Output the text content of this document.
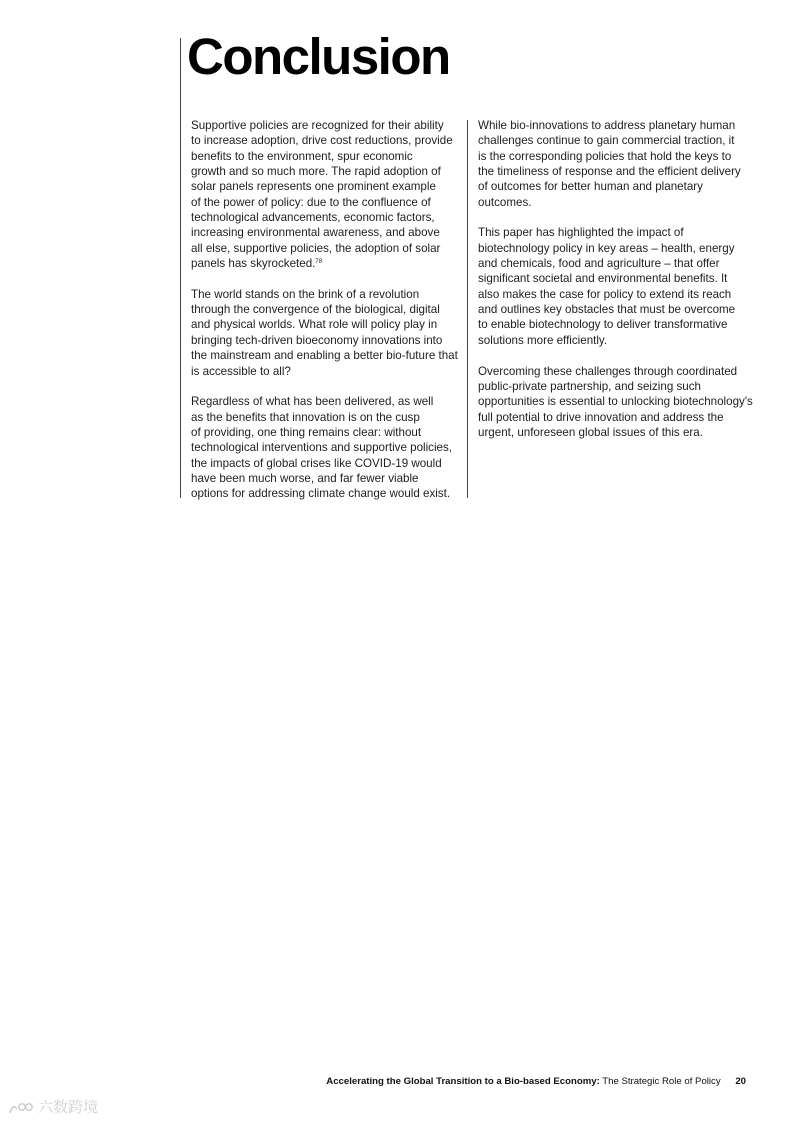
Conclusion

Supportive policies are recognized for their ability
to increase adoption, drive cost reductions, provide
benefits to the environment, spur economic
growth and so much more. The rapid adoption of
solar panels represents one prominent example
of the power of policy: due to the confluence of
technological advancements, economic factors,
increasing environmental awareness, and above
all else, supportive policies, the adoption of solar
panels has skyrocketed.$^{78}$

The world stands on the brink of a revolution
through the convergence of the biological, digital
and physical worlds. What role will policy play in
bringing tech-driven bioeconomy innovations into
the mainstream and enabling a better bio-future that
is accessible to all?

Regardless of what has been delivered, as well
as the benefits that innovation is on the cusp
of providing, one thing remains clear: without
technological interventions and supportive policies,
the impacts of global crises like COVID-19 would
have been much worse, and far fewer viable
options for addressing climate change would exist.

While bio-innovations to address planetary human
challenges continue to gain commercial traction, it
is the corresponding policies that hold the keys to
the timeliness of response and the efficient delivery
of outcomes for better human and planetary
outcomes.

This paper has highlighted the impact of
biotechnology policy in key areas – health, energy
and chemicals, food and agriculture – that offer
significant societal and environmental benefits. It
also makes the case for policy to extend its reach
and outlines key obstacles that must be overcome
to enable biotechnology to deliver transformative
solutions more efficiently.

Overcoming these challenges through coordinated
public-private partnership, and seizing such
opportunities is essential to unlocking biotechnology's
full potential to drive innovation and address the
urgent, unforeseen global issues of this era.

Accelerating the Global Transition to a Bio-based Economy: The Strategic Role of Policy 20
六数跨境
